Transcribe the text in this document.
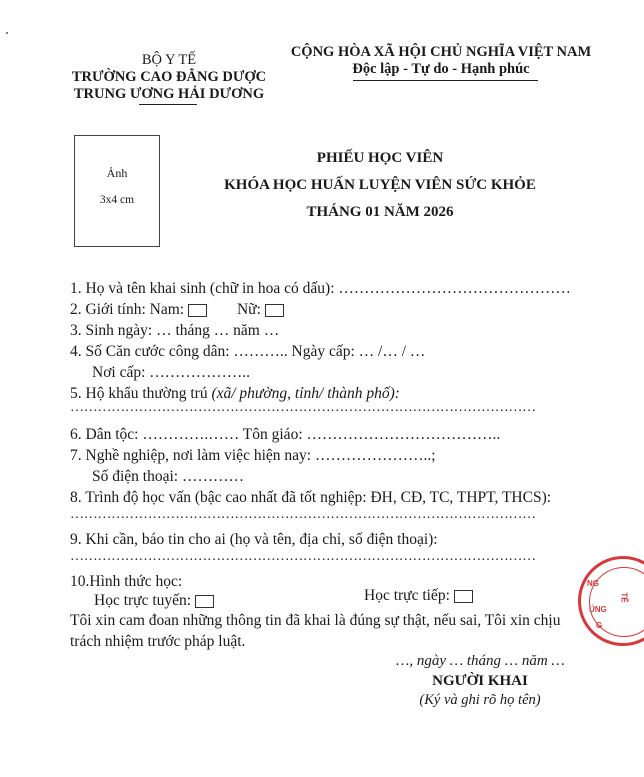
BỘ Y TẾ
TRƯỜNG CAO ĐẲNG DƯỢC
TRUNG ƯƠNG HẢI DƯƠNG
CỘNG HÒA XÃ HỘI CHỦ NGHĨA VIỆT NAM
Độc lập - Tự do - Hạnh phúc
Ảnh
3x4 cm
PHIẾU HỌC VIÊN
KHÓA HỌC HUẤN LUYỆN VIÊN SỨC KHỎE
THÁNG 01 NĂM 2026
1. Họ và tên khai sinh (chữ in hoa có dấu): ………………………………………
2. Giới tính: Nam:	Nữ:
3. Sinh ngày: … tháng … năm …
4. Số Căn cước công dân: ……….. Ngày cấp: … /… / …
Nơi cấp: ………………..
5. Hộ khẩu thường trú (xã/ phường, tỉnh/ thành phố):
…………………………………………………………………………………………
6. Dân tộc: ………….…… Tôn giáo: ………………………………..
7. Nghề nghiệp, nơi làm việc hiện nay: …………………..;
Số điện thoại: …………
8. Trình độ học vấn (bậc cao nhất đã tốt nghiệp: ĐH, CĐ, TC, THPT, THCS):
…………………………………………………………………………………………
9. Khi cần, báo tin cho ai (họ và tên, địa chỉ, số điện thoại):
…………………………………………………………………………………………
10.Hình thức học:
Học trực tuyến:	Học trực tiếp:
Tôi xin cam đoan những thông tin đã khai là đúng sự thật, nếu sai, Tôi xin chịu
trách nhiệm trước pháp luật.
…, ngày … tháng … năm …
NGƯỜI KHAI
(Ký và ghi rõ họ tên)
NG
ÚNG
G
TẾ
